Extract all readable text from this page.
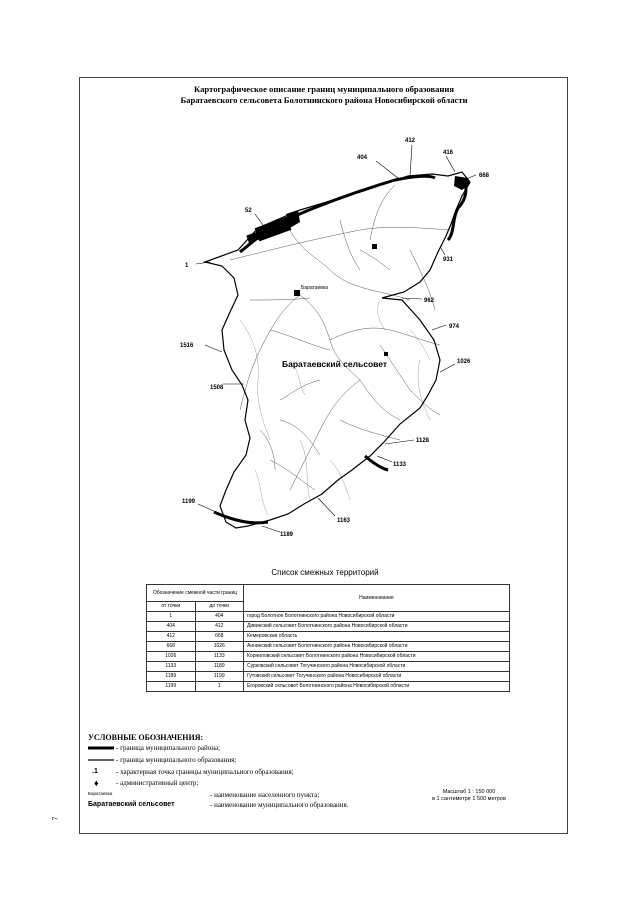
Картографическое описание границ муниципального образования
Баратаевского сельсовета Болотнинского района Новосибирской области
1
52
404
412
416
668
931
962
974
1026
1128
1133
1163
1189
1199
1508
1516
Баратаевка
Баратаевский сельсовет
Список смежных территорий
Обозначение смежной части границ		Наименование
от точки	до точки	
1	404	город Болотное Болотнинского района Новосибирской области
404	412	Дивинский сельсовет Болотнинского района Новосибирской области
412	668	Кемеровская область
668	1026	Аннинский сельсовет Болотнинского района Новосибирской области
1026	1133	Корниловский сельсовет Болотнинского района Новосибирской области
1133	1189	Сурковский сельсовет Тогучинского района Новосибирской области
1189	1199	Гутовский сельсовет Тогучинского района Новосибирской области
1199	1	Егоровский сельсовет Болотнинского района Новосибирской области
УСЛОВНЫЕ ОБОЗНАЧЕНИЯ:
- граница муниципального района;
- граница муниципального образования;
.1	- характерная точка границы муниципального образования;
♦ - административный центр;
Баратаевка	- наименование населенного пункта;
Баратаевский сельсовет	- наименование муниципального образования.
Масштаб 1 : 150 000
в 1 сантиметре 1 500 метров
7
